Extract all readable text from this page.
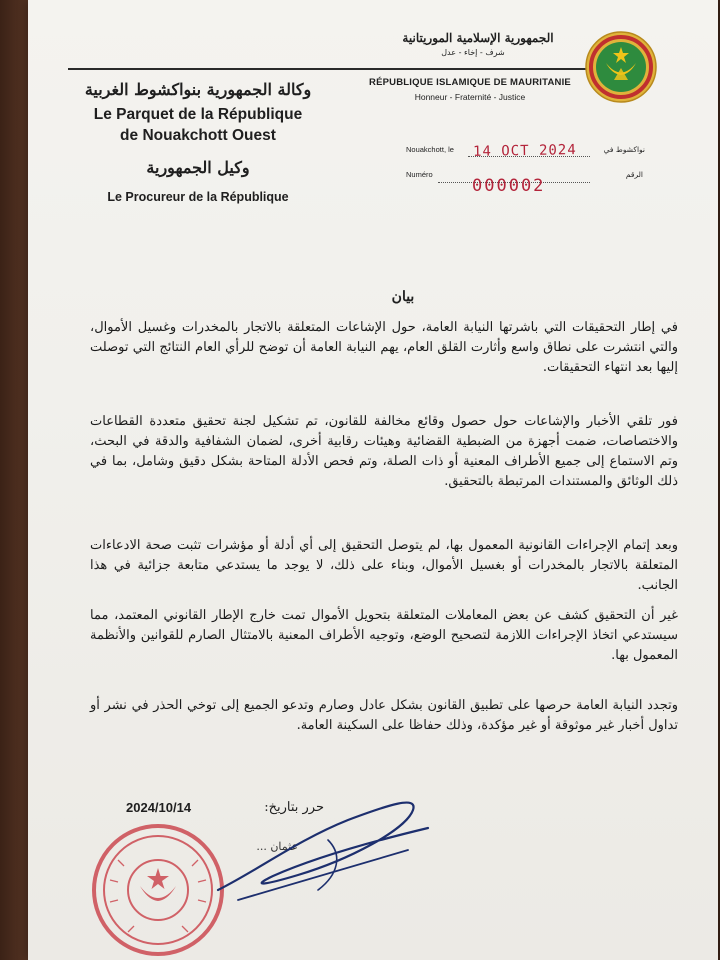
الجمهورية الإسلامية الموريتانية
شرف - إخاء - عدل
RÉPUBLIQUE ISLAMIQUE DE MAURITANIE
Honneur - Fraternité - Justice
وكالة الجمهورية بنواكشوط الغربية
Le Parquet de la République
de Nouakchott Ouest
وكيل الجمهورية
Le Procureur de la République
Nouakchott, le	نواكشوط في
14 OCT 2024
Numéro	الرقم
000002
بيان
في إطار التحقيقات التي باشرتها النيابة العامة، حول الإشاعات المتعلقة بالاتجار بالمخدرات وغسيل الأموال، والتي انتشرت على نطاق واسع وأثارت القلق العام، يهم النيابة العامة أن توضح للرأي العام النتائج التي توصلت إليها بعد انتهاء التحقيقات.
فور تلقي الأخبار والإشاعات حول حصول وقائع مخالفة للقانون، تم تشكيل لجنة تحقيق متعددة القطاعات والاختصاصات، ضمت أجهزة من الضبطية القضائية وهيئات رقابية أخرى، لضمان الشفافية والدقة في البحث، وتم الاستماع إلى جميع الأطراف المعنية أو ذات الصلة، وتم فحص الأدلة المتاحة بشكل دقيق وشامل، بما في ذلك الوثائق والمستندات المرتبطة بالتحقيق.
وبعد إتمام الإجراءات القانونية المعمول بها، لم يتوصل التحقيق إلى أي أدلة أو مؤشرات تثبت صحة الادعاءات المتعلقة بالاتجار بالمخدرات أو بغسيل الأموال، وبناء على ذلك، لا يوجد ما يستدعي متابعة جزائية في هذا الجانب.
غير أن التحقيق كشف عن بعض المعاملات المتعلقة بتحويل الأموال تمت خارج الإطار القانوني المعتمد، مما سيستدعي اتخاذ الإجراءات اللازمة لتصحيح الوضع، وتوجيه الأطراف المعنية بالامتثال الصارم للقوانين والأنظمة المعمول بها.
وتجدد النيابة العامة حرصها على تطبيق القانون بشكل عادل وصارم وتدعو الجميع إلى توخي الحذر في نشر أو تداول أخبار غير موثوقة أو غير مؤكدة، وذلك حفاظا على السكينة العامة.
حرر بتاريخ:
2024/10/14
عثمان ...
